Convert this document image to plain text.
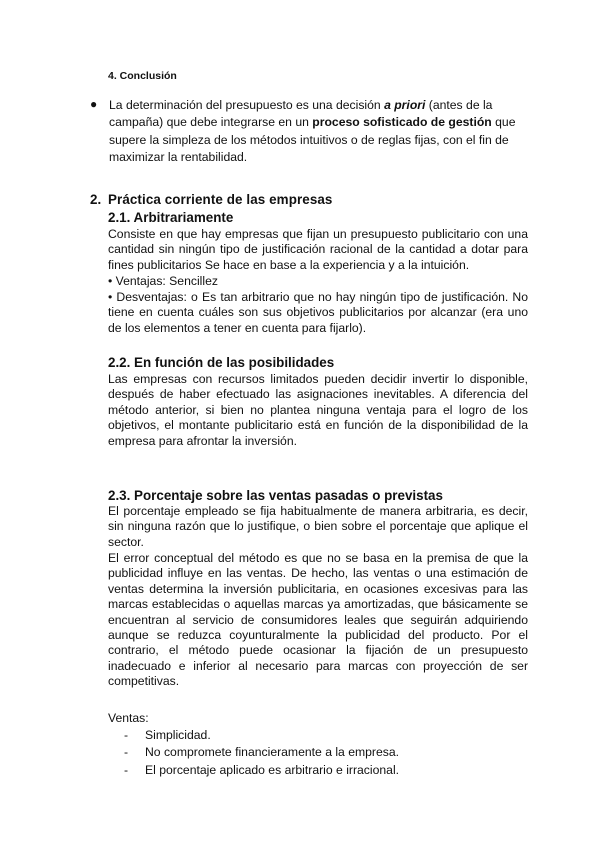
4. Conclusión
● La determinación del presupuesto es una decisión a priori (antes de la campaña) que debe integrarse en un proceso sofisticado de gestión que supere la simpleza de los métodos intuitivos o de reglas fijas, con el fin de maximizar la rentabilidad.
2. Práctica corriente de las empresas
2.1. Arbitrariamente
Consiste en que hay empresas que fijan un presupuesto publicitario con una cantidad sin ningún tipo de justificación racional de la cantidad a dotar para fines publicitarios Se hace en base a la experiencia y a la intuición.
• Ventajas: Sencillez
• Desventajas: o Es tan arbitrario que no hay ningún tipo de justificación. No tiene en cuenta cuáles son sus objetivos publicitarios por alcanzar (era uno de los elementos a tener en cuenta para fijarlo).
2.2. En función de las posibilidades
Las empresas con recursos limitados pueden decidir invertir lo disponible, después de haber efectuado las asignaciones inevitables. A diferencia del método anterior, si bien no plantea ninguna ventaja para el logro de los objetivos, el montante publicitario está en función de la disponibilidad de la empresa para afrontar la inversión.
2.3. Porcentaje sobre las ventas pasadas o previstas
El porcentaje empleado se fija habitualmente de manera arbitraria, es decir, sin ninguna razón que lo justifique, o bien sobre el porcentaje que aplique el sector.
El error conceptual del método es que no se basa en la premisa de que la publicidad influye en las ventas. De hecho, las ventas o una estimación de ventas determina la inversión publicitaria, en ocasiones excesivas para las marcas establecidas o aquellas marcas ya amortizadas, que básicamente se encuentran al servicio de consumidores leales que seguirán adquiriendo aunque se reduzca coyunturalmente la publicidad del producto. Por el contrario, el método puede ocasionar la fijación de un presupuesto inadecuado e inferior al necesario para marcas con proyección de ser competitivas.
Ventas:
-	Simplicidad.
-	No compromete financieramente a la empresa.
-	El porcentaje aplicado es arbitrario e irracional.
